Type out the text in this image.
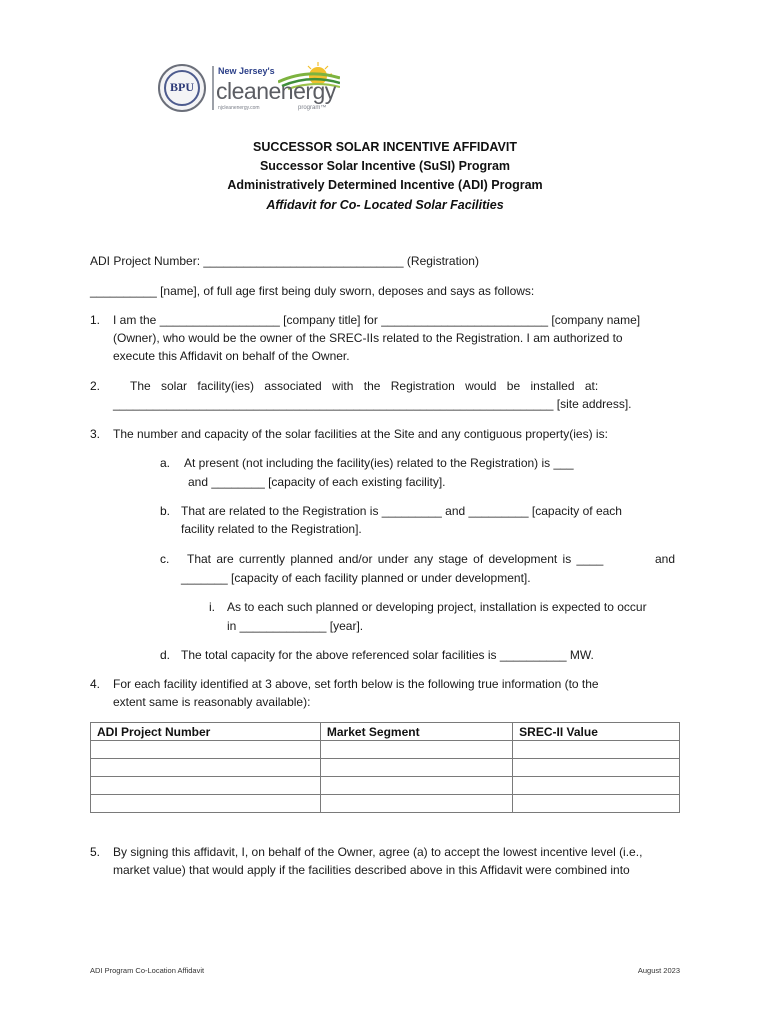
BPU
New Jersey's
cleanenergy
njcleanenergy.com	program™
SUCCESSOR SOLAR INCENTIVE AFFIDAVIT
Successor Solar Incentive (SuSI) Program
Administratively Determined Incentive (ADI) Program
Affidavit for Co- Located Solar Facilities
ADI Project Number: ______________________________ (Registration)
__________ [name], of full age first being duly sworn, deposes and says as follows:
1. I am the __________________ [company title] for _________________________ [company name]
(Owner), who would be the owner of the SREC-IIs related to the Registration. I am authorized to
execute this Affidavit on behalf of the Owner.
2. The solar facility(ies) associated with the Registration would be installed at:
__________________________________________________________________ [site address].
3. The number and capacity of the solar facilities at the Site and any contiguous property(ies) is:
a. At present (not including the facility(ies) related to the Registration) is ___
and ________ [capacity of each existing facility].
b. That are related to the Registration is _________ and _________ [capacity of each
facility related to the Registration].
c. That are currently planned and/or under any stage of development is ____	and
_______ [capacity of each facility planned or under development].
i. As to each such planned or developing project, installation is expected to occur
in _____________ [year].
d. The total capacity for the above referenced solar facilities is __________ MW.
4. For each facility identified at 3 above, set forth below is the following true information (to the
extent same is reasonably available):
ADI Project Number	Market Segment	SREC-II Value

5. By signing this affidavit, I, on behalf of the Owner, agree (a) to accept the lowest incentive level (i.e.,
market value) that would apply if the facilities described above in this Affidavit were combined into
ADI Program Co-Location Affidavit	August 2023
